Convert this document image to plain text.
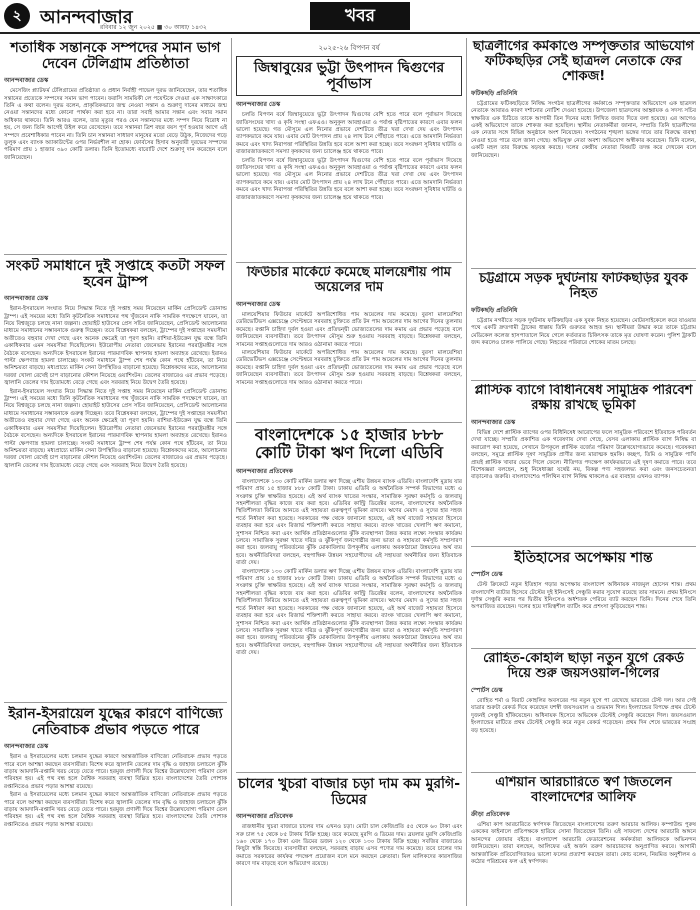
২	আনন্দবাজার
রবিবার ১২ জুন ২০২৫ ■ ৩০ আষাঢ় ১৪৩২
খবর
শতাধিক সন্তানকে সম্পদের সমান ভাগ দেবেন টেলিগ্রাম প্রতিষ্ঠাতা
আনন্দবাজার ডেস্ক

মেসেজিং প্ল্যাটফর্ম টেলিগ্রামের প্রতিষ্ঠাতা ও প্রধান নির্বাহী পাভেল দুরভ জানিয়েছেন, তার শতাধিক সন্তানের প্রত্যেকে সম্পদের সমান ভাগ পাবেন। ফরাসি সাময়িকী লে পয়েন্টকে দেওয়া এক সাক্ষাৎকারে তিনি এ কথা বলেন। দুরভ বলেন, প্রাকৃতিকভাবে জন্ম নেওয়া সন্তান ও শুক্রাণু দানের মাধ্যমে জন্ম নেওয়া সন্তানদের মধ্যে কোনো পার্থক্য করা হবে না। তারা সবাই আমার সন্তান এবং সবার সমান অধিকার থাকবে। তিনি আরও বলেন, তার মৃত্যুর পরও যেন সন্তানদের মধ্যে সম্পদ নিয়ে বিরোধ না হয়, সে জন্য তিনি আগেই উইল করে রেখেছেন। তবে সন্তানরা ত্রিশ বছর বয়স পূর্ণ হওয়ার আগে এই সম্পদে প্রবেশাধিকার পাবেন না। তিনি চান সন্তানরা সাধারণ মানুষের মতো বেড়ে উঠুক, নিজেদের গড়ে তুলুক এবং ব্যাংক অ্যাকাউন্টের ওপর নির্ভরশীল না হোক। ফোর্বসের হিসাব অনুযায়ী দুরভের সম্পদের পরিমাণ প্রায় ১ হাজার ৩৯০ কোটি ডলার। তিনি ইতোমধ্যে বারোটি দেশে শুক্রাণু দান করেছেন বলে জানিয়েছেন।

সংকট সমাধানে দুই সপ্তাহে কতটা সফল হবেন ট্রাম্প
আনন্দবাজার ডেস্ক

ইরান-ইসরায়েল সংঘাত নিয়ে সিদ্ধান্ত নিতে দুই সপ্তাহ সময় নিয়েছেন মার্কিন প্রেসিডেন্ট ডোনাল্ড ট্রাম্প। এই সময়ের মধ্যে তিনি কূটনৈতিক সমাধানের পথ খুঁজবেন নাকি সামরিক পদক্ষেপে যাবেন, তা নিয়ে বিশ্বজুড়ে চলছে নানা জল্পনা। হোয়াইট হাউসের প্রেস সচিব জানিয়েছেন, প্রেসিডেন্ট আলোচনার মাধ্যমে সমাধানের সম্ভাবনাকে গুরুত্ব দিচ্ছেন। তবে বিশ্লেষকরা বলছেন, ট্রাম্পের দুই সপ্তাহের সময়সীমা অতীতেও বহুবার দেখা গেছে এবং অনেক ক্ষেত্রেই তা পূরণ হয়নি। রাশিয়া-ইউক্রেন যুদ্ধ বন্ধে তিনি একাধিকবার এমন সময়সীমা দিয়েছিলেন। ইউরোপীয় নেতারা জেনেভায় ইরানের পররাষ্ট্রমন্ত্রীর সঙ্গে বৈঠকে বসেছেন। অন্যদিকে ইসরায়েল ইরানের পারমাণবিক স্থাপনায় হামলা অব্যাহত রেখেছে। ইরানও পাল্টা ক্ষেপণাস্ত্র হামলা চালাচ্ছে। সংকট সমাধানে ট্রাম্প শেষ পর্যন্ত কোন পথে হাঁটবেন, তা নিয়ে অনিশ্চয়তা বাড়ছে। মধ্যপ্রাচ্যে মার্কিন সেনা উপস্থিতিও বাড়ানো হয়েছে। বিশ্লেষকদের মতে, আলোচনার দরজা খোলা রেখেই চাপ বাড়ানোর কৌশল নিয়েছে ওয়াশিংটন। তেলের বাজারেও এর প্রভাব পড়েছে। জ্বালানি তেলের দাম ইতোমধ্যে বেড়ে গেছে এবং সরবরাহ নিয়ে উদ্বেগ তৈরি হয়েছে।

ইরান-ইসরায়েল সংঘাত নিয়ে সিদ্ধান্ত নিতে দুই সপ্তাহ সময় নিয়েছেন মার্কিন প্রেসিডেন্ট ডোনাল্ড ট্রাম্প। এই সময়ের মধ্যে তিনি কূটনৈতিক সমাধানের পথ খুঁজবেন নাকি সামরিক পদক্ষেপে যাবেন, তা নিয়ে বিশ্বজুড়ে চলছে নানা জল্পনা। হোয়াইট হাউসের প্রেস সচিব জানিয়েছেন, প্রেসিডেন্ট আলোচনার মাধ্যমে সমাধানের সম্ভাবনাকে গুরুত্ব দিচ্ছেন। তবে বিশ্লেষকরা বলছেন, ট্রাম্পের দুই সপ্তাহের সময়সীমা অতীতেও বহুবার দেখা গেছে এবং অনেক ক্ষেত্রেই তা পূরণ হয়নি। রাশিয়া-ইউক্রেন যুদ্ধ বন্ধে তিনি একাধিকবার এমন সময়সীমা দিয়েছিলেন। ইউরোপীয় নেতারা জেনেভায় ইরানের পররাষ্ট্রমন্ত্রীর সঙ্গে বৈঠকে বসেছেন। অন্যদিকে ইসরায়েল ইরানের পারমাণবিক স্থাপনায় হামলা অব্যাহত রেখেছে। ইরানও পাল্টা ক্ষেপণাস্ত্র হামলা চালাচ্ছে। সংকট সমাধানে ট্রাম্প শেষ পর্যন্ত কোন পথে হাঁটবেন, তা নিয়ে অনিশ্চয়তা বাড়ছে। মধ্যপ্রাচ্যে মার্কিন সেনা উপস্থিতিও বাড়ানো হয়েছে। বিশ্লেষকদের মতে, আলোচনার দরজা খোলা রেখেই চাপ বাড়ানোর কৌশল নিয়েছে ওয়াশিংটন। তেলের বাজারেও এর প্রভাব পড়েছে। জ্বালানি তেলের দাম ইতোমধ্যে বেড়ে গেছে এবং সরবরাহ নিয়ে উদ্বেগ তৈরি হয়েছে।

ইরান-ইসরায়েল যুদ্ধের কারণে বাণিজ্যে নেতিবাচক প্রভাব পড়তে পারে
আনন্দবাজার ডেস্ক

ইরান ও ইসরায়েলের মধ্যে চলমান যুদ্ধের কারণে আন্তর্জাতিক বাণিজ্যে নেতিবাচক প্রভাব পড়তে পারে বলে আশঙ্কা করছেন ব্যবসায়ীরা। বিশেষ করে জ্বালানি তেলের দাম বৃদ্ধি ও জাহাজ চলাচলে ঝুঁকি বাড়ায় আমদানি-রপ্তানি খরচ বেড়ে যেতে পারে। হরমুজ প্রণালী দিয়ে বিশ্বের উল্লেখযোগ্য পরিমাণ তেল পরিবহন হয়। এই পথ বন্ধ হলে বৈশ্বিক সরবরাহ ব্যবস্থা বিঘ্নিত হবে। বাংলাদেশের তৈরি পোশাক রপ্তানিতেও প্রভাব পড়ার আশঙ্কা রয়েছে।

ইরান ও ইসরায়েলের মধ্যে চলমান যুদ্ধের কারণে আন্তর্জাতিক বাণিজ্যে নেতিবাচক প্রভাব পড়তে পারে বলে আশঙ্কা করছেন ব্যবসায়ীরা। বিশেষ করে জ্বালানি তেলের দাম বৃদ্ধি ও জাহাজ চলাচলে ঝুঁকি বাড়ায় আমদানি-রপ্তানি খরচ বেড়ে যেতে পারে। হরমুজ প্রণালী দিয়ে বিশ্বের উল্লেখযোগ্য পরিমাণ তেল পরিবহন হয়। এই পথ বন্ধ হলে বৈশ্বিক সরবরাহ ব্যবস্থা বিঘ্নিত হবে। বাংলাদেশের তৈরি পোশাক রপ্তানিতেও প্রভাব পড়ার আশঙ্কা রয়েছে।

২০২৫-২৬ বিপণন বর্ষ
জিম্বাবুয়ের ভুট্টা উৎপাদন দ্বিগুণের পূর্বাভাস
আনন্দবাজার ডেস্ক

চলতি বিপণন বর্ষে জিম্বাবুয়েতে ভুট্টা উৎপাদন দ্বিগুণের বেশি হতে পারে বলে পূর্বাভাস দিয়েছে জাতিসংঘের খাদ্য ও কৃষি সংস্থা এফএও। অনুকূল আবহাওয়া ও পর্যাপ্ত বৃষ্টিপাতের কারণে এবার ফলন ভালো হয়েছে। গত মৌসুমে এল নিনোর প্রভাবে দেশটিতে তীব্র খরা দেখা দেয় এবং উৎপাদন ব্যাপকভাবে কমে যায়। এবার মোট উৎপাদন প্রায় ২৪ লাখ টনে পৌঁছাতে পারে। এতে আমদানি নির্ভরতা কমবে এবং খাদ্য নিরাপত্তা পরিস্থিতির উন্নতি হবে বলে আশা করা হচ্ছে। তবে সংরক্ষণ সুবিধার ঘাটতি ও বাজারজাতকরণে সমস্যা কৃষকদের জন্য চ্যালেঞ্জ হয়ে থাকতে পারে।

চলতি বিপণন বর্ষে জিম্বাবুয়েতে ভুট্টা উৎপাদন দ্বিগুণের বেশি হতে পারে বলে পূর্বাভাস দিয়েছে জাতিসংঘের খাদ্য ও কৃষি সংস্থা এফএও। অনুকূল আবহাওয়া ও পর্যাপ্ত বৃষ্টিপাতের কারণে এবার ফলন ভালো হয়েছে। গত মৌসুমে এল নিনোর প্রভাবে দেশটিতে তীব্র খরা দেখা দেয় এবং উৎপাদন ব্যাপকভাবে কমে যায়। এবার মোট উৎপাদন প্রায় ২৪ লাখ টনে পৌঁছাতে পারে। এতে আমদানি নির্ভরতা কমবে এবং খাদ্য নিরাপত্তা পরিস্থিতির উন্নতি হবে বলে আশা করা হচ্ছে। তবে সংরক্ষণ সুবিধার ঘাটতি ও বাজারজাতকরণে সমস্যা কৃষকদের জন্য চ্যালেঞ্জ হয়ে থাকতে পারে।

ফিউচার মার্কেটে কমেছে মালয়েশীয় পাম অয়েলের দাম
আনন্দবাজার ডেস্ক

মালয়েশিয়ার ফিউচার মার্কেটে অপরিশোধিত পাম অয়েলের দাম কমেছে। বুরসা মালয়েশিয়া ডেরিভেটিভস এক্সচেঞ্জে সেপ্টেম্বরে সরবরাহ চুক্তিতে প্রতি টন পাম অয়েলের দাম আগের দিনের তুলনায় কমেছে। রপ্তানি চাহিদা দুর্বল হওয়া এবং প্রতিদ্বন্দ্বী ভোজ্যতেলের দাম কমায় এর প্রভাব পড়েছে বলে জানিয়েছেন ব্যবসায়ীরা। তবে উৎপাদন মৌসুম শুরু হওয়ায় সরবরাহ বাড়ছে। বিশ্লেষকরা বলছেন, সামনের সপ্তাহগুলোতে দাম আরও ওঠানামা করতে পারে।

মালয়েশিয়ার ফিউচার মার্কেটে অপরিশোধিত পাম অয়েলের দাম কমেছে। বুরসা মালয়েশিয়া ডেরিভেটিভস এক্সচেঞ্জে সেপ্টেম্বরে সরবরাহ চুক্তিতে প্রতি টন পাম অয়েলের দাম আগের দিনের তুলনায় কমেছে। রপ্তানি চাহিদা দুর্বল হওয়া এবং প্রতিদ্বন্দ্বী ভোজ্যতেলের দাম কমায় এর প্রভাব পড়েছে বলে জানিয়েছেন ব্যবসায়ীরা। তবে উৎপাদন মৌসুম শুরু হওয়ায় সরবরাহ বাড়ছে। বিশ্লেষকরা বলছেন, সামনের সপ্তাহগুলোতে দাম আরও ওঠানামা করতে পারে।

বাংলাদেশকে ১৫ হাজার ৮৮৮ কোটি টাকা ঋণ দিলো এডিবি
আনন্দবাজার প্রতিবেদক

বাংলাদেশকে ১৩০ কোটি মার্কিন ডলার ঋণ দিচ্ছে এশীয় উন্নয়ন ব্যাংক এডিবি। বাংলাদেশি মুদ্রায় যার পরিমাণ প্রায় ১৫ হাজার ৮৮৮ কোটি টাকা। ঢাকায় এডিবি ও অর্থনৈতিক সম্পর্ক বিভাগের মধ্যে এ সংক্রান্ত চুক্তি স্বাক্ষরিত হয়েছে। এই অর্থ ব্যাংক খাতের সংস্কার, সামাজিক সুরক্ষা কর্মসূচি ও জলবায়ু সহনশীলতা বৃদ্ধির কাজে ব্যয় করা হবে। এডিবির কান্ট্রি ডিরেক্টর বলেন, বাংলাদেশের অর্থনৈতিক স্থিতিশীলতা ফিরিয়ে আনতে এই সহায়তা গুরুত্বপূর্ণ ভূমিকা রাখবে। ঋণের মেয়াদ ও সুদের হার সহজ শর্তে নির্ধারণ করা হয়েছে। সরকারের পক্ষ থেকে জানানো হয়েছে, এই অর্থ বাজেট সহায়তা হিসেবে ব্যবহার করা হবে এবং রিজার্ভ শক্তিশালী করতে সাহায্য করবে। ব্যাংক খাতের খেলাপি ঋণ কমানো, সুশাসন নিশ্চিত করা এবং আর্থিক প্রতিষ্ঠানগুলোর ঝুঁকি ব্যবস্থাপনা উন্নত করার লক্ষ্যে সংস্কার কার্যক্রম চলবে। সামাজিক সুরক্ষা খাতে দরিদ্র ও ঝুঁকিপূর্ণ জনগোষ্ঠীর জন্য ভাতা ও সহায়তা কর্মসূচি সম্প্রসারণ করা হবে। জলবায়ু পরিবর্তনের ঝুঁকি মোকাবিলায় উপকূলীয় এলাকায় অবকাঠামো উন্নয়নেও অর্থ ব্যয় হবে। অর্থনীতিবিদরা বলছেন, বহুপাক্ষিক উন্নয়ন সহযোগীদের এই সহায়তা অর্থনীতির জন্য ইতিবাচক বার্তা দেয়।

বাংলাদেশকে ১৩০ কোটি মার্কিন ডলার ঋণ দিচ্ছে এশীয় উন্নয়ন ব্যাংক এডিবি। বাংলাদেশি মুদ্রায় যার পরিমাণ প্রায় ১৫ হাজার ৮৮৮ কোটি টাকা। ঢাকায় এডিবি ও অর্থনৈতিক সম্পর্ক বিভাগের মধ্যে এ সংক্রান্ত চুক্তি স্বাক্ষরিত হয়েছে। এই অর্থ ব্যাংক খাতের সংস্কার, সামাজিক সুরক্ষা কর্মসূচি ও জলবায়ু সহনশীলতা বৃদ্ধির কাজে ব্যয় করা হবে। এডিবির কান্ট্রি ডিরেক্টর বলেন, বাংলাদেশের অর্থনৈতিক স্থিতিশীলতা ফিরিয়ে আনতে এই সহায়তা গুরুত্বপূর্ণ ভূমিকা রাখবে। ঋণের মেয়াদ ও সুদের হার সহজ শর্তে নির্ধারণ করা হয়েছে। সরকারের পক্ষ থেকে জানানো হয়েছে, এই অর্থ বাজেট সহায়তা হিসেবে ব্যবহার করা হবে এবং রিজার্ভ শক্তিশালী করতে সাহায্য করবে। ব্যাংক খাতের খেলাপি ঋণ কমানো, সুশাসন নিশ্চিত করা এবং আর্থিক প্রতিষ্ঠানগুলোর ঝুঁকি ব্যবস্থাপনা উন্নত করার লক্ষ্যে সংস্কার কার্যক্রম চলবে। সামাজিক সুরক্ষা খাতে দরিদ্র ও ঝুঁকিপূর্ণ জনগোষ্ঠীর জন্য ভাতা ও সহায়তা কর্মসূচি সম্প্রসারণ করা হবে। জলবায়ু পরিবর্তনের ঝুঁকি মোকাবিলায় উপকূলীয় এলাকায় অবকাঠামো উন্নয়নেও অর্থ ব্যয় হবে। অর্থনীতিবিদরা বলছেন, বহুপাক্ষিক উন্নয়ন সহযোগীদের এই সহায়তা অর্থনীতির জন্য ইতিবাচক বার্তা দেয়।

চালের খুচরা বাজার চড়া দাম কম মুরগি-ডিমের
আনন্দবাজার প্রতিবেদক

রাজধানীর খুচরা বাজারে চালের দাম এখনও চড়া। মোটা চাল কেজিপ্রতি ৫৫ থেকে ৬০ টাকা এবং সরু চাল ৭৫ থেকে ৮৫ টাকায় বিক্রি হচ্ছে। তবে কমেছে মুরগি ও ডিমের দাম। ব্রয়লার মুরগি কেজিপ্রতি ১৬০ থেকে ১৭০ টাকা এবং ডিমের ডজন ১২০ থেকে ১৩০ টাকায় বিক্রি হচ্ছে। সবজির বাজারেও কিছুটা স্বস্তি ফিরেছে। ব্যবসায়ীরা বলছেন, সরবরাহ বাড়ায় এসব পণ্যের দাম কমেছে। তবে চালের দাম কমাতে সরকারের কার্যকর পদক্ষেপ প্রয়োজন বলে মনে করছেন ক্রেতারা। মিল মালিকদের কারসাজির কারণে দাম বাড়ছে বলে অভিযোগ রয়েছে।

ছাত্রলীগের কর্মকাণ্ডে সম্পৃক্ততার অভিযোগ ফটিকছড়ির সেই ছাত্রদল নেতাকে ফের শোকজ!
ফটিকছড়ি প্রতিনিধি

চট্টগ্রামের ফটিকছড়িতে নিষিদ্ধ সংগঠন ছাত্রলীগের কর্মকাণ্ডে সম্পৃক্ততার অভিযোগে এক ছাত্রদল নেতাকে আবারও কারণ দর্শানোর নোটিশ দেওয়া হয়েছে। উপজেলা ছাত্রদলের আহ্বায়ক ও সদস্য সচিব স্বাক্ষরিত এক চিঠিতে তাকে আগামী তিন দিনের মধ্যে লিখিত জবাব দিতে বলা হয়েছে। এর আগেও একই অভিযোগে তাকে শোকজ করা হয়েছিল। স্থানীয় নেতাকর্মীরা জানান, সম্প্রতি তিনি ছাত্রলীগের এক নেতার সঙ্গে বিভিন্ন অনুষ্ঠানে অংশ নিয়েছেন। সংগঠনের শৃঙ্খলা ভঙ্গের দায়ে তার বিরুদ্ধে ব্যবস্থা নেওয়া হতে পারে বলে জানা গেছে। অভিযুক্ত নেতা অবশ্য অভিযোগ অস্বীকার করেছেন। তিনি বলেন, একটি মহল তার বিরুদ্ধে ষড়যন্ত্র করছে। দলের কেন্দ্রীয় নেতারা বিষয়টি তদন্ত করে দেখবেন বলে জানিয়েছেন।

চট্টগ্রামে সড়ক দুর্ঘটনায় ফটিকছড়ির যুবক নিহত
ফটিকছড়ি প্রতিনিধি

চট্টগ্রাম নগরীতে সড়ক দুর্ঘটনায় ফটিকছড়ির এক যুবক নিহত হয়েছেন। মোটরসাইকেলে করে যাওয়ার পথে একটি দ্রুতগামী ট্রাকের ধাক্কায় তিনি গুরুতর আহত হন। স্থানীয়রা উদ্ধার করে তাকে চট্টগ্রাম মেডিকেল কলেজ হাসপাতালে নিয়ে গেলে কর্তব্যরত চিকিৎসক তাকে মৃত ঘোষণা করেন। পুলিশ ট্রাকটি জব্দ করলেও চালক পালিয়ে গেছে। নিহতের পরিবারে শোকের মাতম চলছে।

প্লাস্টিক ব্যাগে বিধিনিষেধ সামুদ্রিক পরিবেশ রক্ষায় রাখছে ভূমিকা
আনন্দবাজার ডেস্ক

বিভিন্ন দেশে প্লাস্টিক ব্যাগের ওপর বিধিনিষেধ আরোপের ফলে সামুদ্রিক পরিবেশে ইতিবাচক পরিবর্তন দেখা যাচ্ছে। সম্প্রতি প্রকাশিত এক গবেষণায় দেখা গেছে, যেসব এলাকায় প্লাস্টিক ব্যাগ নিষিদ্ধ বা করারোপ করা হয়েছে, সেখানে উপকূলে প্লাস্টিক বর্জ্যের পরিমাণ উল্লেখযোগ্যভাবে কমেছে। গবেষকরা বলছেন, সমুদ্রে প্লাস্টিক দূষণ সামুদ্রিক প্রাণীর জন্য মারাত্মক হুমকি। কচ্ছপ, তিমি ও সামুদ্রিক পাখি প্রায়ই প্লাস্টিক খাবার ভেবে গিলে ফেলে। নীতিগত পদক্ষেপ কার্যকরভাবে এই দূষণ কমাতে পারে। তবে বিশেষজ্ঞরা বলছেন, শুধু নিষেধাজ্ঞা যথেষ্ট নয়, বিকল্প পণ্য সহজলভ্য করা এবং জনসচেতনতা বাড়ানোও জরুরি। বাংলাদেশেও পলিথিন ব্যাগ নিষিদ্ধ থাকলেও এর ব্যবহার এখনও ব্যাপক।

ইতিহাসের অপেক্ষায় শান্ত
স্পোর্টস ডেস্ক

টেস্ট ক্রিকেটে নতুন ইতিহাস গড়ার অপেক্ষায় বাংলাদেশ অধিনায়ক নাজমুল হোসেন শান্ত। প্রথম বাংলাদেশি ব্যাটার হিসেবে টেস্টের দুই ইনিংসেই সেঞ্চুরি করার সুযোগ রয়েছে তার সামনে। প্রথম ইনিংসে দুর্দান্ত সেঞ্চুরি করার পর দ্বিতীয় ইনিংসেও অর্ধশতক পেরিয়ে ব্যাট করছেন তিনি। দিনের শেষে তিনি অপরাজিত রয়েছেন। দলের হয়ে দায়িত্বশীল ব্যাটিং করে প্রশংসা কুড়িয়েছেন শান্ত।

রোহিত-কোহলি ছাড়া নতুন যুগে রেকর্ড দিয়ে শুরু জয়সওয়াল-গিলের
স্পোর্টস ডেস্ক

রোহিত শর্মা ও বিরাট কোহলির অবসরের পর নতুন যুগে পা রেখেছে ভারতের টেস্ট দল। আর সেই যাত্রার শুরুটা রেকর্ড দিয়ে করেছেন যশস্বী জয়সওয়াল ও শুভমান গিল। ইংল্যান্ডের বিপক্ষে প্রথম টেস্টে দুজনই সেঞ্চুরি হাঁকিয়েছেন। অধিনায়ক হিসেবে অভিষেক টেস্টেই সেঞ্চুরি করেছেন গিল। জয়সওয়াল ইংল্যান্ডের মাটিতে প্রথম টেস্টেই সেঞ্চুরি করে নতুন রেকর্ড গড়েছেন। প্রথম দিন শেষে ভারতের সংগ্রহ বড় হয়েছে।

এশিয়ান আরচারিতে স্বর্ণ জিতলেন বাংলাদেশের আলিফ
ক্রীড়া প্রতিবেদক

এশিয়া কাপ আরচারিতে স্বর্ণপদক জিতেছেন বাংলাদেশের তরুণ আরচার আলিফ। কম্পাউন্ড পুরুষ এককের ফাইনালে প্রতিপক্ষকে হারিয়ে সোনা জিতেছেন তিনি। এই সাফল্যে দেশের আরচারি অঙ্গনে আনন্দের জোয়ার বইছে। বাংলাদেশ আরচারি ফেডারেশনের কর্মকর্তারা আলিফকে অভিনন্দন জানিয়েছেন। তারা বলছেন, আলিফের এই অর্জন তরুণ আরচারদের অনুপ্রাণিত করবে। আগামী আন্তর্জাতিক প্রতিযোগিতায়ও ভালো ফলের প্রত্যাশা করছেন তারা। কোচ বলেন, নিয়মিত অনুশীলন ও কঠোর পরিশ্রমের ফল এই স্বর্ণপদক।
